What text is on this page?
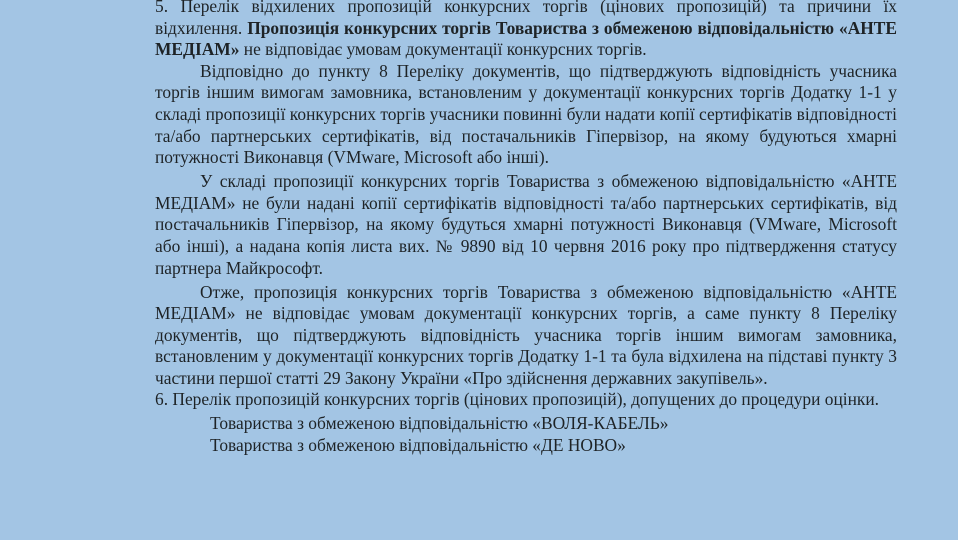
5. Перелік відхилених пропозицій конкурсних торгів (цінових пропозицій) та причини їх відхилення. Пропозиція конкурсних торгів Товариства з обмеженою відповідальністю «АНТЕ МЕДІАМ» не відповідає умовам документації конкурсних торгів.

Відповідно до пункту 8 Переліку документів, що підтверджують відповідність учасника торгів іншим вимогам замовника, встановленим у документації конкурсних торгів Додатку 1-1 у складі пропозиції конкурсних торгів учасники повинні були надати копії сертифікатів відповідності та/або партнерських сертифікатів, від постачальників Гіпервізор, на якому будуються хмарні потужності Виконавця (VMware, Microsoft або інші).

У складі пропозиції конкурсних торгів Товариства з обмеженою відповідальністю «АНТЕ МЕДІАМ» не були надані копії сертифікатів відповідності та/або партнерських сертифікатів, від постачальників Гіпервізор, на якому будуться хмарні потужності Виконавця (VMware, Microsoft або інші), а надана копія листа вих. № 9890 від 10 червня 2016 року про підтвердження статусу партнера Майкрософт.

Отже, пропозиція конкурсних торгів Товариства з обмеженою відповідальністю «АНТЕ МЕДІАМ» не відповідає умовам документації конкурсних торгів, а саме пункту 8 Переліку документів, що підтверджують відповідність учасника торгів іншим вимогам замовника, встановленим у документації конкурсних торгів Додатку 1-1 та була відхилена на підставі пункту 3 частини першої статті 29 Закону України «Про здійснення державних закупівель».

6. Перелік пропозицій конкурсних торгів (цінових пропозицій), допущених до процедури оцінки.

Товариства з обмеженою відповідальністю «ВОЛЯ-КАБЕЛЬ»

Товариства з обмеженою відповідальністю «ДЕ НОВО»
